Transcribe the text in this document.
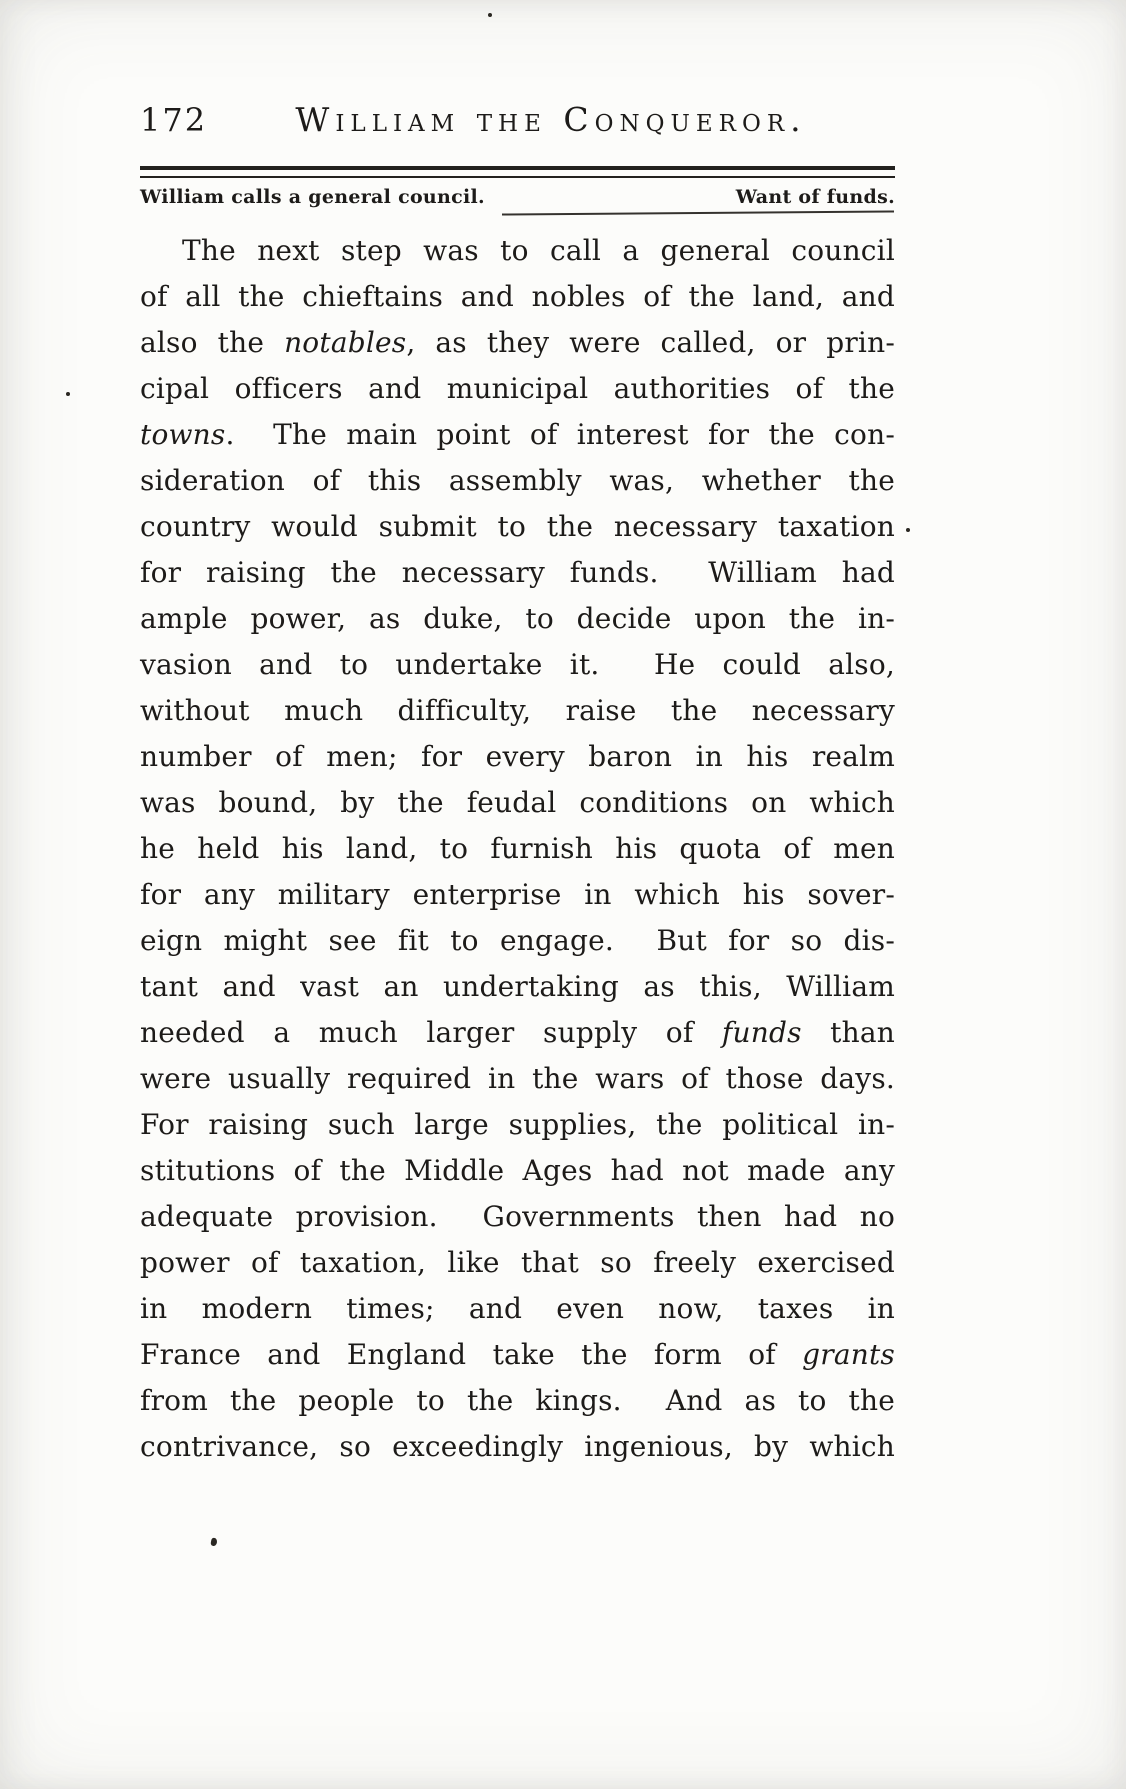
172	William the Conqueror.
William calls a general council.	Want of funds.
The next step was to call a general council
of all the chieftains and nobles of the land, and
also the notables, as they were called, or prin-
cipal officers and municipal authorities of the
towns.  The main point of interest for the con-
sideration of this assembly was, whether the
country would submit to the necessary taxation
for raising the necessary funds.  William had
ample power, as duke, to decide upon the in-
vasion and to undertake it.  He could also,
without much difficulty, raise the necessary
number of men; for every baron in his realm
was bound, by the feudal conditions on which
he held his land, to furnish his quota of men
for any military enterprise in which his sover-
eign might see fit to engage.  But for so dis-
tant and vast an undertaking as this, William
needed a much larger supply of funds than
were usually required in the wars of those days.
For raising such large supplies, the political in-
stitutions of the Middle Ages had not made any
adequate provision.  Governments then had no
power of taxation, like that so freely exercised
in modern times; and even now, taxes in
France and England take the form of grants
from the people to the kings.  And as to the
contrivance, so exceedingly ingenious, by which
